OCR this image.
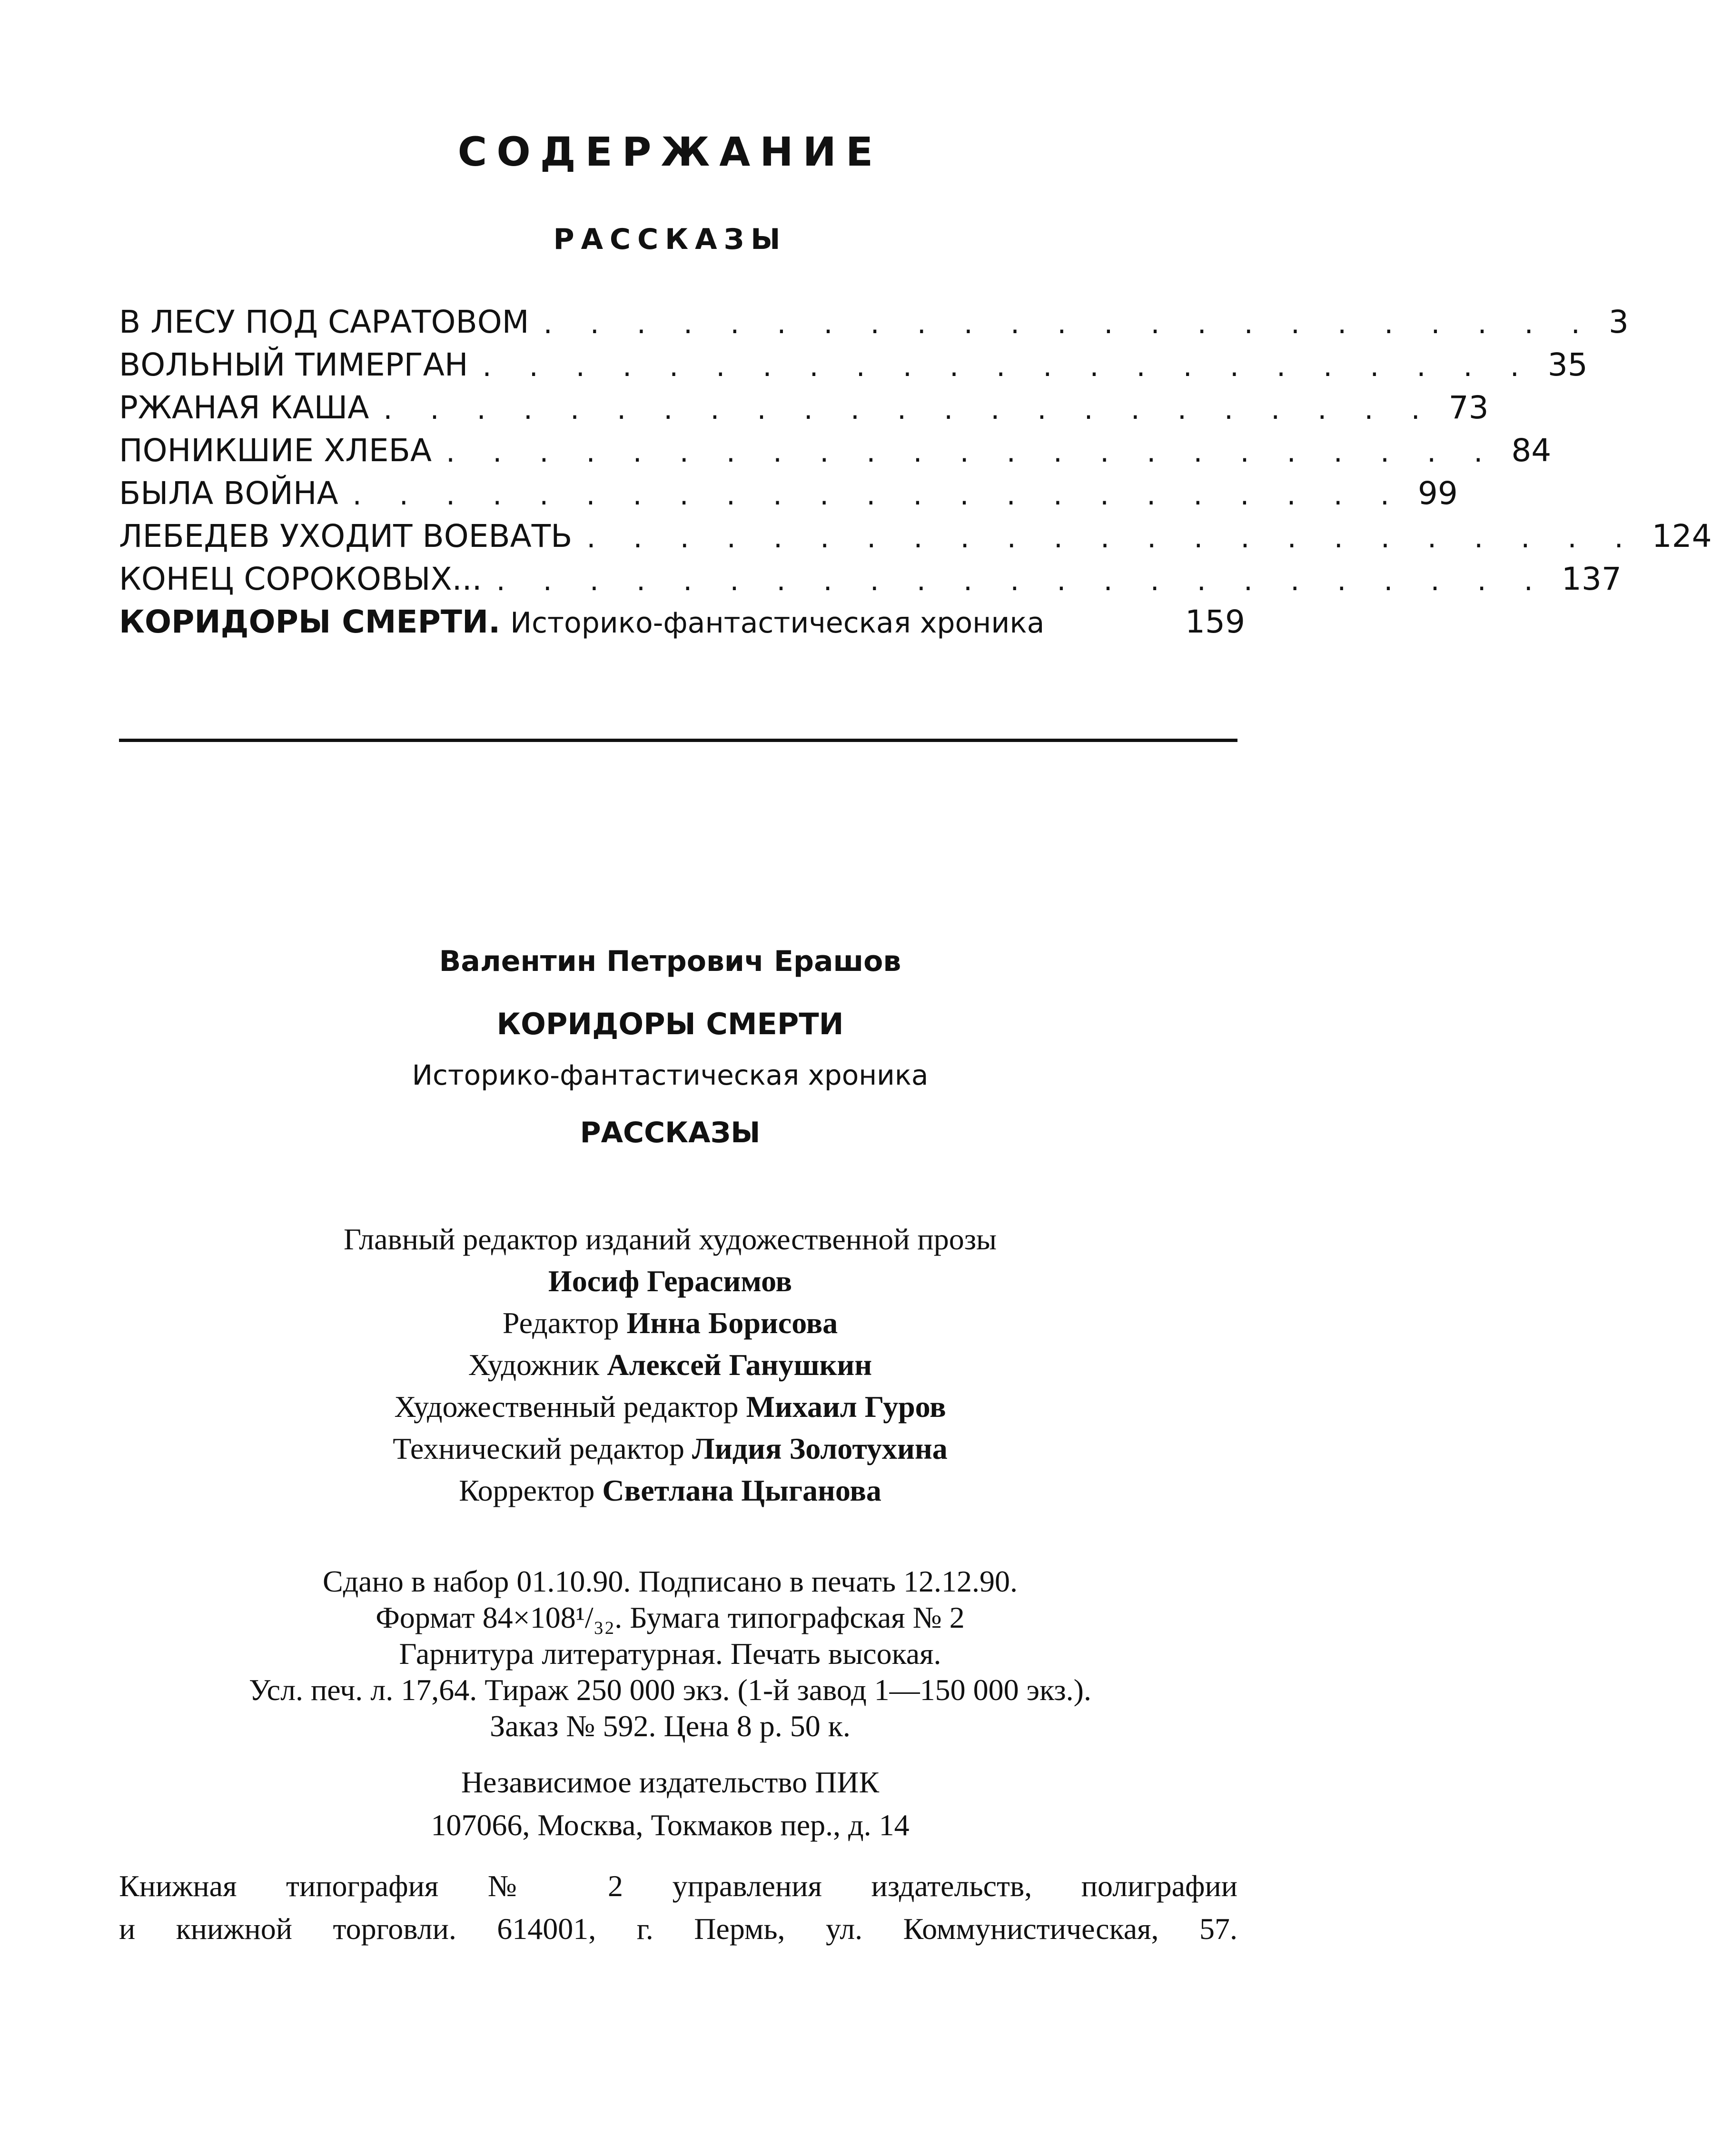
СОДЕРЖАНИЕ
РАССКАЗЫ
В ЛЕСУ ПОД САРАТОВОМ . . . . . . . . . . . . . . . . . . . . . . . 3
ВОЛЬНЫЙ ТИМЕРГАН . . . . . . . . . . . . . . . . . . . . . . . 35
РЖАНАЯ КАША . . . . . . . . . . . . . . . . . . . . . . . 73
ПОНИКШИЕ ХЛЕБА . . . . . . . . . . . . . . . . . . . . . . . 84
БЫЛА ВОЙНА . . . . . . . . . . . . . . . . . . . . . . . 99
ЛЕБЕДЕВ УХОДИТ ВОЕВАТЬ . . . . . . . . . . . . . . . . . . . . . . . 124
КОНЕЦ СОРОКОВЫХ... . . . . . . . . . . . . . . . . . . . . . . . 137
КОРИДОРЫ СМЕРТИ. Историко-фантастическая хроника	159
Валентин Петрович Ерашов
КОРИДОРЫ СМЕРТИ
Историко-фантастическая хроника
РАССКАЗЫ
Главный редактор изданий художественной прозы
Иосиф Герасимов
Редактор Инна Борисова
Художник Алексей Ганушкин
Художественный редактор Михаил Гуров
Технический редактор Лидия Золотухина
Корректор Светлана Цыганова
Сдано в набор 01.10.90. Подписано в печать 12.12.90.
Формат 84×108¹/₃₂. Бумага типографская № 2
Гарнитура литературная. Печать высокая.
Усл. печ. л. 17,64. Тираж 250 000 экз. (1-й завод 1—150 000 экз.).
Заказ № 592. Цена 8 р. 50 к.
Независимое издательство ПИК
107066, Москва, Токмаков пер., д. 14
Книжная типография № 2 управления издательств, полиграфии
и книжной торговли. 614001, г. Пермь, ул. Коммунистическая, 57.
